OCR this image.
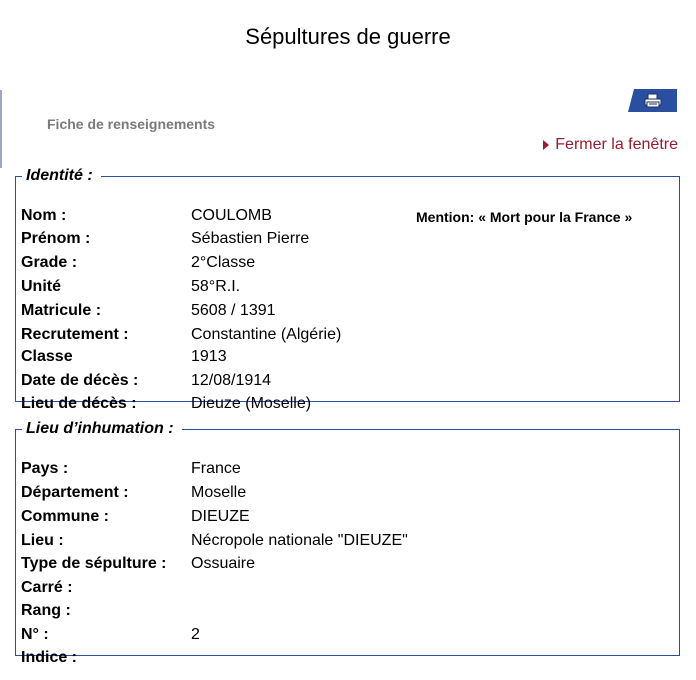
Sépultures de guerre
Fiche de renseignements
Fermer la fenêtre
Identité :
Mention: « Mort pour la France »
Nom :	COULOMB
Prénom :	Sébastien Pierre
Grade :	2°Classe
Unité	58°R.I.
Matricule :	5608 / 1391
Recrutement :	Constantine (Algérie)
Classe	1913
Date de décès :	12/08/1914
Lieu de décès :	Dieuze (Moselle)
Lieu d’inhumation :
Pays :	France
Département :	Moselle
Commune :	DIEUZE
Lieu :	Nécropole nationale "DIEUZE"
Type de sépulture : Ossuaire
Carré :
Rang :
N° :	2
Indice :
